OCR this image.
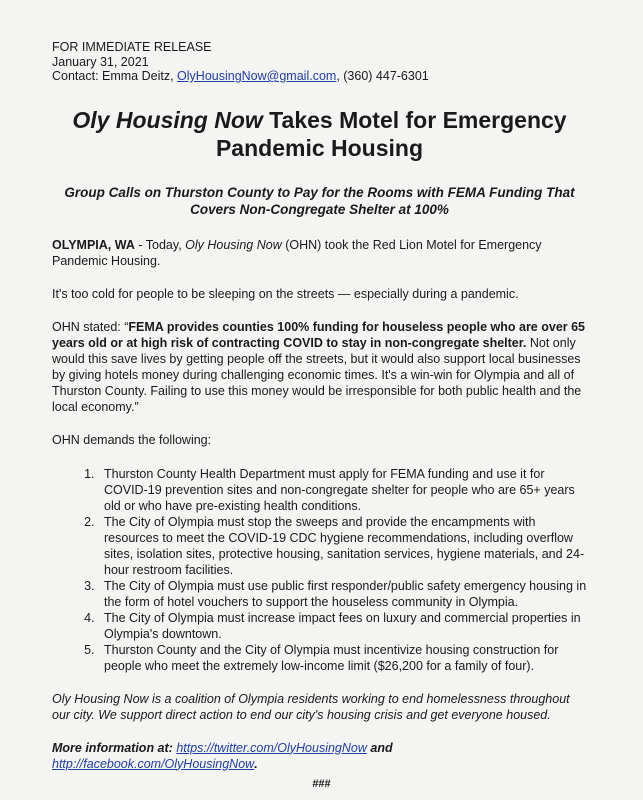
FOR IMMEDIATE RELEASE
January 31, 2021
Contact: Emma Deitz, OlyHousingNow@gmail.com, (360) 447-6301
Oly Housing Now Takes Motel for Emergency Pandemic Housing
Group Calls on Thurston County to Pay for the Rooms with FEMA Funding That Covers Non-Congregate Shelter at 100%

OLYMPIA, WA - Today, Oly Housing Now (OHN) took the Red Lion Motel for Emergency Pandemic Housing.

It's too cold for people to be sleeping on the streets — especially during a pandemic.

OHN stated: “FEMA provides counties 100% funding for houseless people who are over 65 years old or at high risk of contracting COVID to stay in non-congregate shelter. Not only would this save lives by getting people off the streets, but it would also support local businesses by giving hotels money during challenging economic times. It's a win-win for Olympia and all of Thurston County. Failing to use this money would be irresponsible for both public health and the local economy.”

OHN demands the following:

1. Thurston County Health Department must apply for FEMA funding and use it for COVID-19 prevention sites and non-congregate shelter for people who are 65+ years old or who have pre-existing health conditions.
2. The City of Olympia must stop the sweeps and provide the encampments with resources to meet the COVID-19 CDC hygiene recommendations, including overflow sites, isolation sites, protective housing, sanitation services, hygiene materials, and 24-hour restroom facilities.
3. The City of Olympia must use public first responder/public safety emergency housing in the form of hotel vouchers to support the houseless community in Olympia.
4. The City of Olympia must increase impact fees on luxury and commercial properties in Olympia's downtown.
5. Thurston County and the City of Olympia must incentivize housing construction for people who meet the extremely low-income limit ($26,200 for a family of four).

Oly Housing Now is a coalition of Olympia residents working to end homelessness throughout our city. We support direct action to end our city's housing crisis and get everyone housed.

More information at: https://twitter.com/OlyHousingNow and http://facebook.com/OlyHousingNow.
###
